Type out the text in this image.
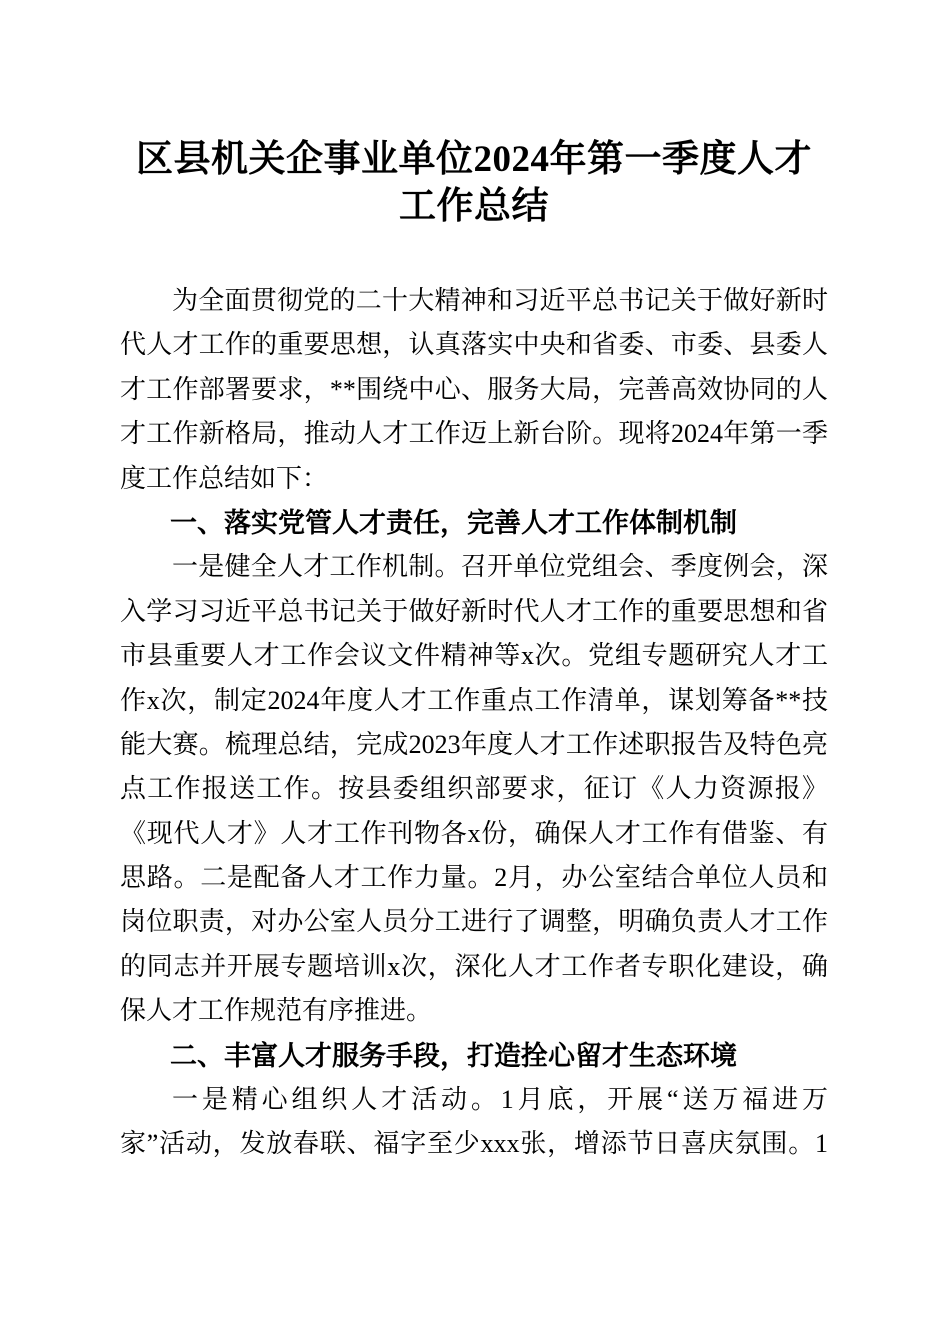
区县机关企事业单位2024年第一季度人才工作总结
为全面贯彻党的二十大精神和习近平总书记关于做好新时
代人才工作的重要思想，认真落实中央和省委、市委、县委人
才工作部署要求，**围绕中心、服务大局，完善高效协同的人
才工作新格局，推动人才工作迈上新台阶。现将2024年第一季
度工作总结如下：
一、落实党管人才责任，完善人才工作体制机制
一是健全人才工作机制。召开单位党组会、季度例会，深
入学习习近平总书记关于做好新时代人才工作的重要思想和省
市县重要人才工作会议文件精神等x次。党组专题研究人才工
作x次，制定2024年度人才工作重点工作清单，谋划筹备**技
能大赛。梳理总结，完成2023年度人才工作述职报告及特色亮
点工作报送工作。按县委组织部要求，征订《人力资源报》
《现代人才》人才工作刊物各x份，确保人才工作有借鉴、有
思路。二是配备人才工作力量。2月，办公室结合单位人员和
岗位职责，对办公室人员分工进行了调整，明确负责人才工作
的同志并开展专题培训x次，深化人才工作者专职化建设，确
保人才工作规范有序推进。
二、丰富人才服务手段，打造拴心留才生态环境
一是精心组织人才活动。1月底，开展“送万福进万
家”活动，发放春联、福字至少xxx张，增添节日喜庆氛围。1
